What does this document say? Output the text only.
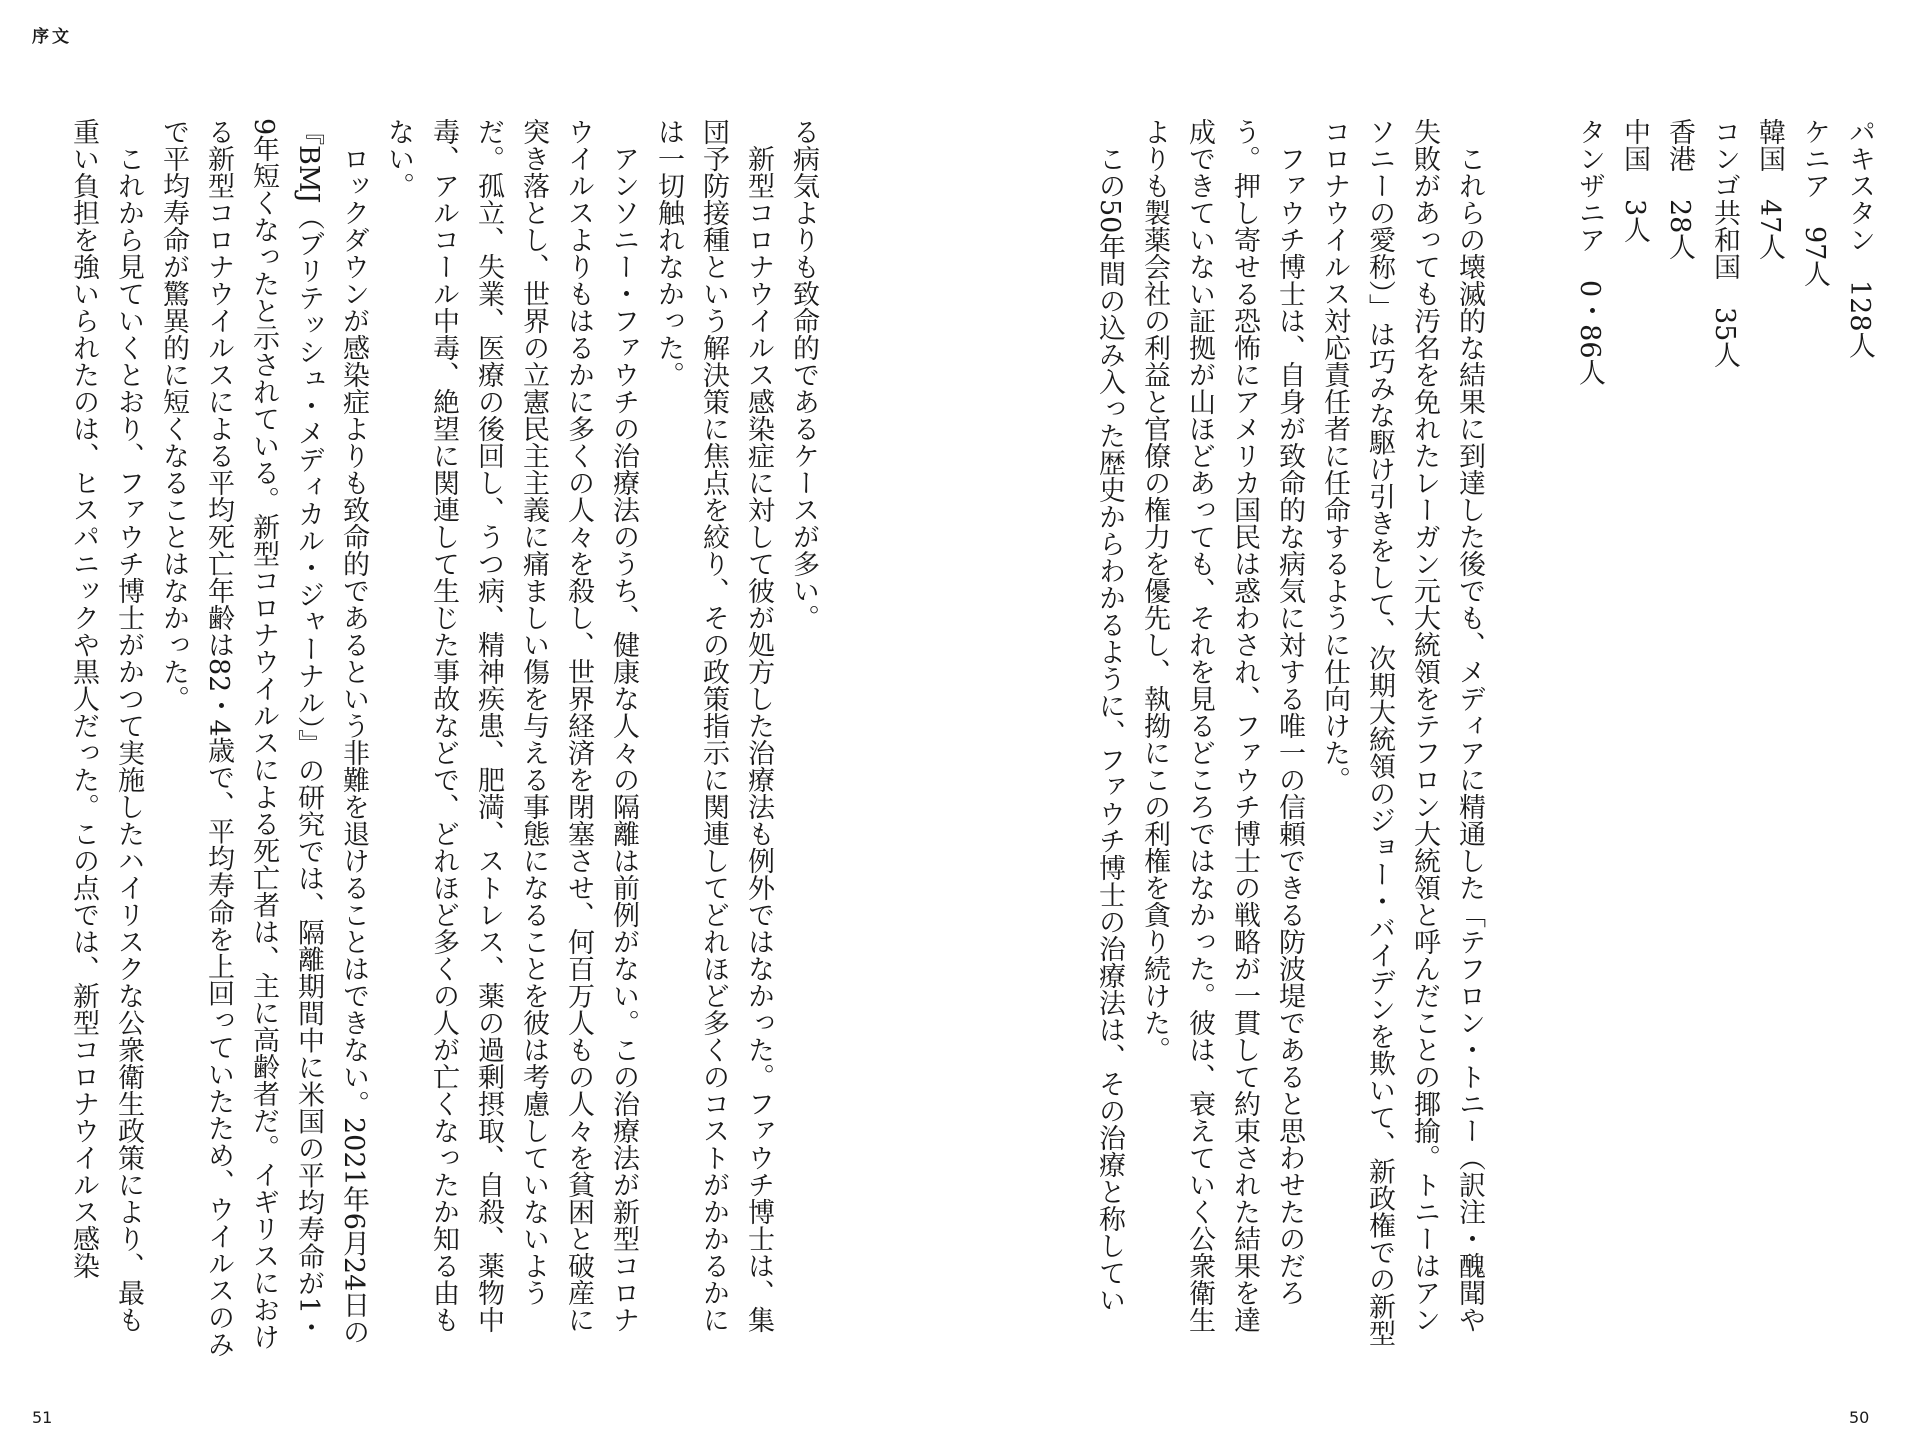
序文

パキスタン　128人

ケニア　97人

韓国　47人

コンゴ共和国　35人

香港　28人

中国　3人

タンザニア　0・86人

　これらの壊滅的な結果に到達した後でも、メディアに精通した「テフロン・トニー（訳注・醜聞や失敗があっても汚名を免れたレーガン元大統領をテフロン大統領と呼んだことの揶揄。トニーはアンソニーの愛称）」は巧みな駆け引きをして、次期大統領のジョー・バイデンを欺いて、新政権での新型コロナウイルス対応責任者に任命するように仕向けた。

　ファウチ博士は、自身が致命的な病気に対する唯一の信頼できる防波堤であると思わせたのだろう。押し寄せる恐怖にアメリカ国民は惑わされ、ファウチ博士の戦略が一貫して約束された結果を達成できていない証拠が山ほどあっても、それを見るどころではなかった。彼は、衰えていく公衆衛生よりも製薬会社の利益と官僚の権力を優先し、執拗にこの利権を貪り続けた。

　この50年間の込み入った歴史からわかるように、ファウチ博士の治療法は、その治療と称してい

る病気よりも致命的であるケースが多い。

　新型コロナウイルス感染症に対して彼が処方した治療法も例外ではなかった。ファウチ博士は、集団予防接種という解決策に焦点を絞り、その政策指示に関連してどれほど多くのコストがかかるかには一切触れなかった。

　アンソニー・ファウチの治療法のうち、健康な人々の隔離は前例がない。この治療法が新型コロナウイルスよりもはるかに多くの人々を殺し、世界経済を閉塞させ、何百万人もの人々を貧困と破産に突き落とし、世界の立憲民主主義に痛ましい傷を与える事態になることを彼は考慮していないようだ。孤立、失業、医療の後回し、うつ病、精神疾患、肥満、ストレス、薬の過剰摂取、自殺、薬物中毒、アルコール中毒、絶望に関連して生じた事故などで、どれほど多くの人が亡くなったか知る由もない。

　ロックダウンが感染症よりも致命的であるという非難を退けることはできない。2021年6月24日の『BMJ（ブリテッシュ・メディカル・ジャーナル）』の研究では、隔離期間中に米国の平均寿命が1・9年短くなったと示されている。新型コロナウイルスによる死亡者は、主に高齢者だ。イギリスにおける新型コロナウイルスによる平均死亡年齢は82・4歳で、平均寿命を上回っていたため、ウイルスのみで平均寿命が驚異的に短くなることはなかった。

　これから見ていくとおり、ファウチ博士がかつて実施したハイリスクな公衆衛生政策により、最も重い負担を強いられたのは、ヒスパニックや黒人だった。この点では、新型コロナウイルス感染

51	50
